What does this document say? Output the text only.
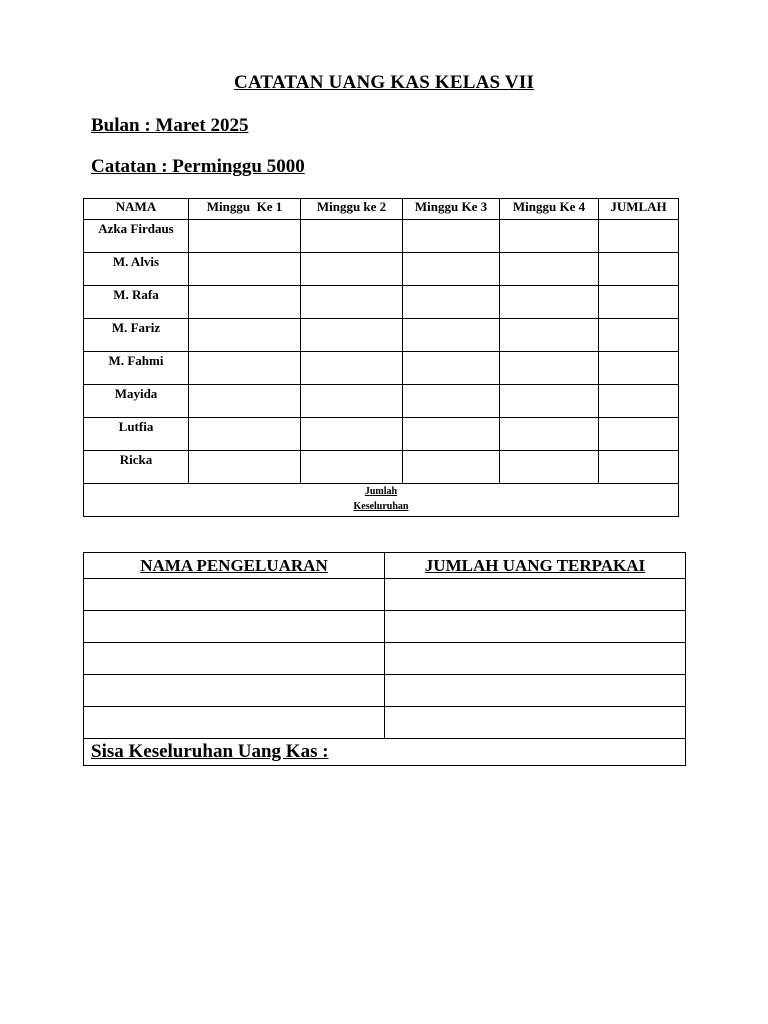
CATATAN UANG KAS KELAS VII
Bulan : Maret 2025
Catatan : Perminggu 5000
NAMA	Minggu  Ke 1	Minggu ke 2	Minggu Ke 3	Minggu Ke 4	JUMLAH
Azka Firdaus					
M. Alvis					
M. Rafa					
M. Fariz					
M. Fahmi					
Mayida					
Lutfia					
Ricka					

Jumlah Keseluruhan					
NAMA PENGELUARAN	JUMLAH UANG TERPAKAI

Sisa Keseluruhan Uang Kas :	
